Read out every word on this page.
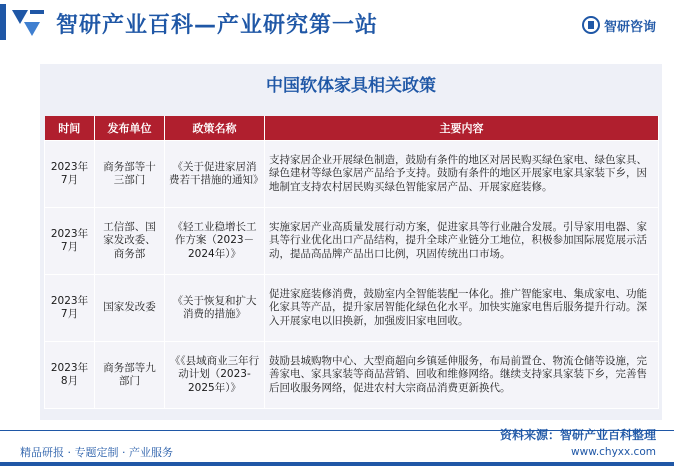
智研产业百科—产业研究第一站	智研咨询
中国软体家具相关政策
时间	发布单位	政策名称	主要内容
2023年7月	商务部等十三部门	《关于促进家居消费若干措施的通知》	支持家居企业开展绿色制造，鼓励有条件的地区对居民购买绿色家电、绿色家具、绿色建材等绿色家居产品给予支持。鼓励有条件的地区开展家电家具家装下乡，因地制宜支持农村居民购买绿色智能家居产品、开展家庭装修。
2023年7月	工信部、国家发改委、商务部	《轻工业稳增长工作方案（2023－2024年）》	实施家居产业高质量发展行动方案，促进家具等行业融合发展。引导家用电器、家具等行业优化出口产品结构，提升全球产业链分工地位，积极参加国际展览展示活动，提品高品牌产品出口比例，巩固传统出口市场。
2023年7月	国家发改委	《关于恢复和扩大消费的措施》	促进家庭装修消费，鼓励室内全智能装配一体化。推广智能家电、集成家电、功能化家具等产品，提升家居智能化绿色化水平。加快实施家电售后服务提升行动。深入开展家电以旧换新，加强废旧家电回收。
2023年8月	商务部等九部门	《《县域商业三年行动计划（2023-2025年）》	鼓励县城购物中心、大型商超向乡镇延伸服务，布局前置仓、物流仓储等设施，完善家电、家具家装等商品营销、回收和维修网络。继续支持家具家装下乡，完善售后回收服务网络，促进农村大宗商品消费更新换代。
精品研报 · 专题定制 · 产业服务
资料来源：智研产业百科整理
www.chyxx.com
